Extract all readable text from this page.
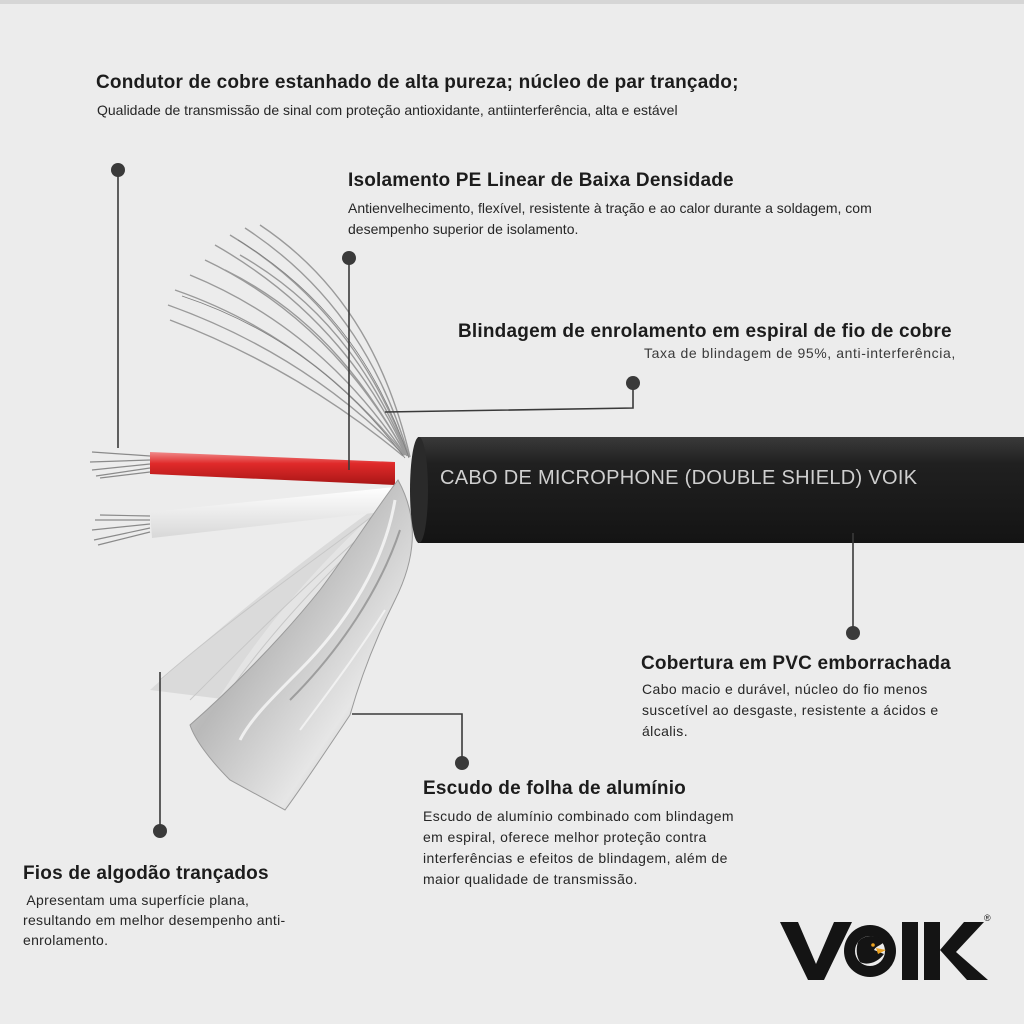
CABO DE MICROPHONE (DOUBLE SHIELD) VOIK
Condutor de cobre estanhado de alta pureza; núcleo de par trançado;
Qualidade de transmissão de sinal com proteção antioxidante, antiinterferência, alta e estável
Isolamento PE Linear de Baixa Densidade
Antienvelhecimento, flexível, resistente à tração e ao calor durante a soldagem, com
desempenho superior de isolamento.
Blindagem de enrolamento em espiral de fio de cobre
Taxa de blindagem de 95%, anti-interferência,
Cobertura em PVC emborrachada
Cabo macio e durável, núcleo do fio menos
suscetível ao desgaste, resistente a ácidos e
álcalis.
Escudo de folha de alumínio
Escudo de alumínio combinado com blindagem
em espiral, oferece melhor proteção contra
interferências e efeitos de blindagem, além de
maior qualidade de transmissão.
Fios de algodão trançados
Apresentam uma superfície plana,
resultando em melhor desempenho anti-
enrolamento.
®
